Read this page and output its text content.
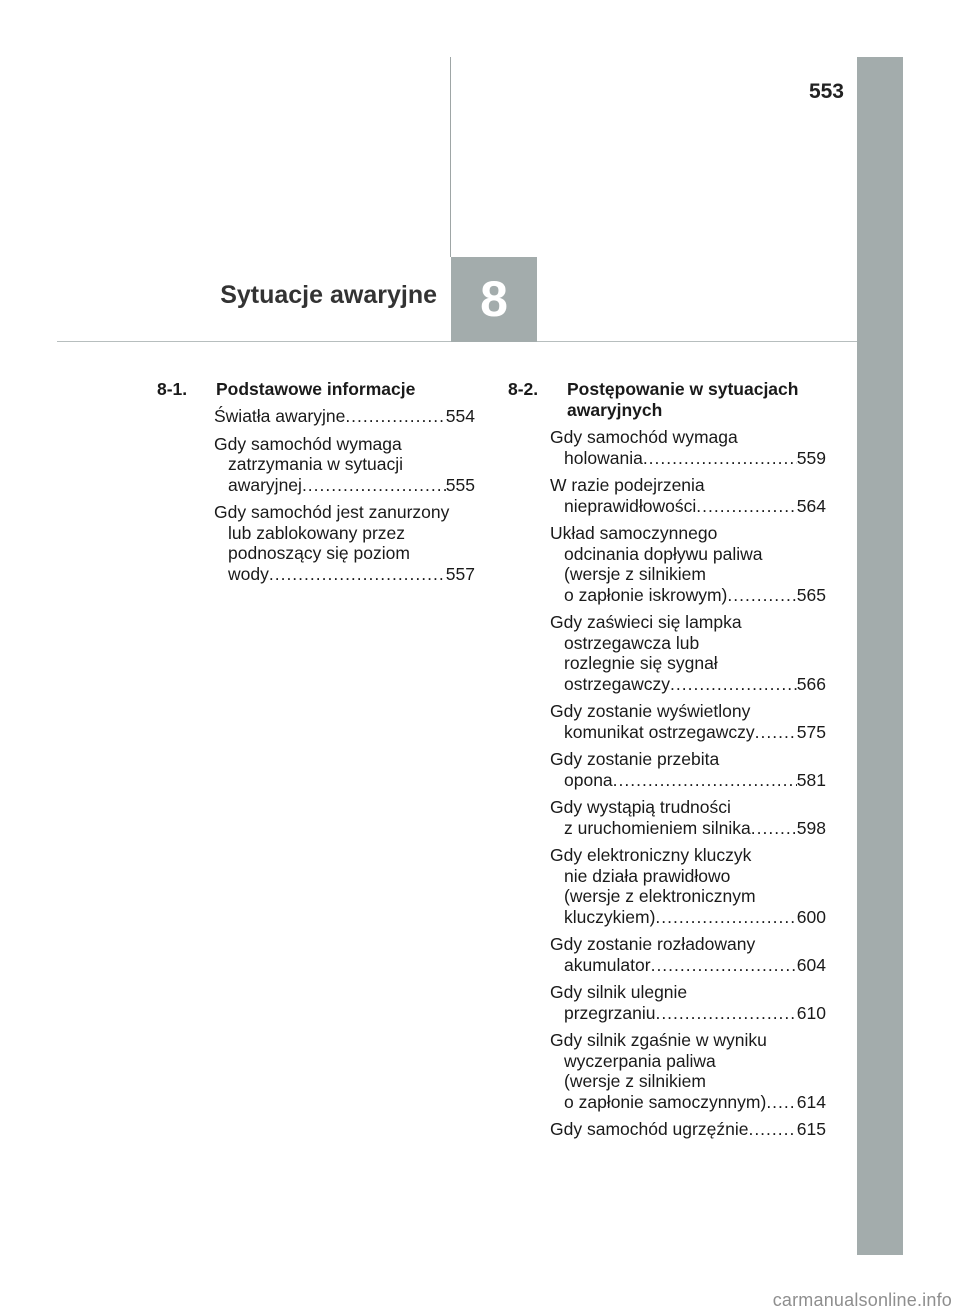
553
Sytuacje awaryjne 8
8-1.	Podstawowe informacje
Światła awaryjne .....	554
Gdy samochód wymaga
zatrzymania w sytuacji
awaryjnej .....	555
Gdy samochód jest zanurzony
lub zablokowany przez
podnoszący się poziom
wody .....	557
8-2.	Postępowanie w sytuacjach awaryjnych
Gdy samochód wymaga
holowania .....	559
W razie podejrzenia
nieprawidłowości .....	564
Układ samoczynnego
odcinania dopływu paliwa
(wersje z silnikiem
o zapłonie iskrowym) .....	565
Gdy zaświeci się lampka
ostrzegawcza lub
rozlegnie się sygnał
ostrzegawczy .....	566
Gdy zostanie wyświetlony
komunikat ostrzegawczy ..... 575
Gdy zostanie przebita
opona .....	581
Gdy wystąpią trudności
z uruchomieniem silnika .....	598
Gdy elektroniczny kluczyk
nie działa prawidłowo
(wersje z elektronicznym
kluczykiem) .....	600
Gdy zostanie rozładowany
akumulator .....	604
Gdy silnik ulegnie
przegrzaniu .....	610
Gdy silnik zgaśnie w wyniku
wyczerpania paliwa
(wersje z silnikiem
o zapłonie samoczynnym) ..... 614
Gdy samochód ugrzęźnie .....	615
carmanualsonline.info
